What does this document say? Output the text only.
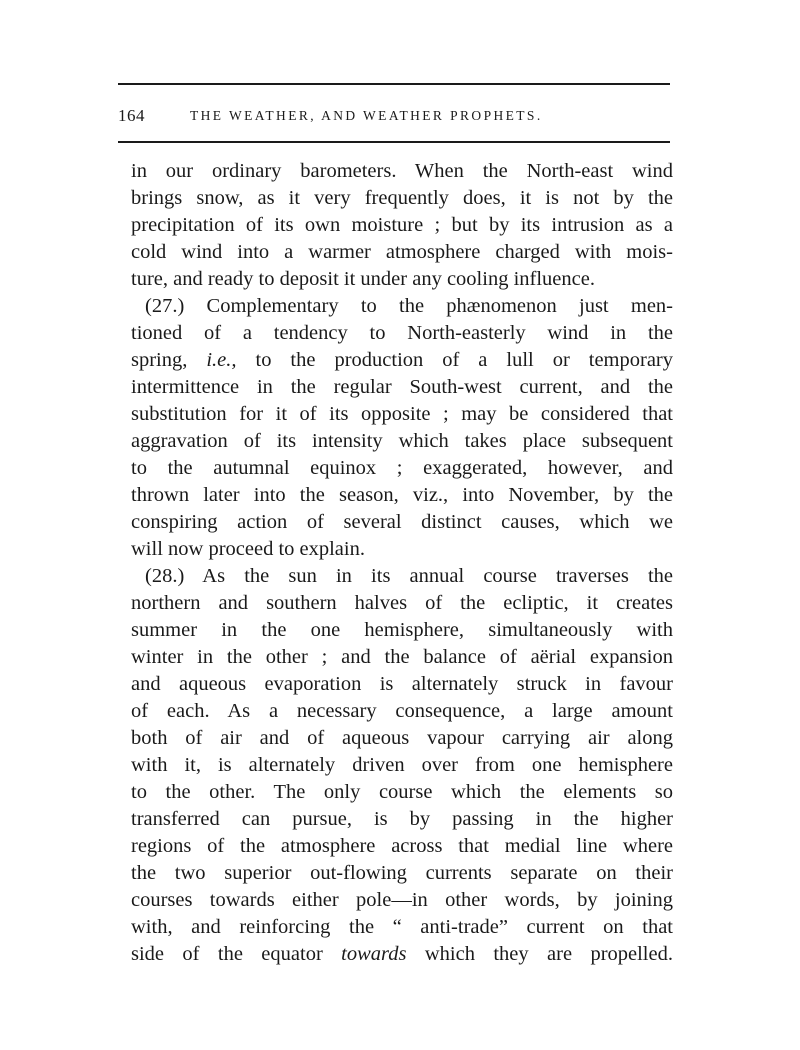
164	THE WEATHER, AND WEATHER PROPHETS.
in our ordinary barometers. When the North-east wind
brings snow, as it very frequently does, it is not by the
precipitation of its own moisture ; but by its intrusion as a
cold wind into a warmer atmosphere charged with mois-
ture, and ready to deposit it under any cooling influence.
(27.) Complementary to the phænomenon just men-
tioned of a tendency to North-easterly wind in the
spring, i.e., to the production of a lull or temporary
intermittence in the regular South-west current, and the
substitution for it of its opposite ; may be considered that
aggravation of its intensity which takes place subsequent
to the autumnal equinox ; exaggerated, however, and
thrown later into the season, viz., into November, by the
conspiring action of several distinct causes, which we
will now proceed to explain.
(28.) As the sun in its annual course traverses the
northern and southern halves of the ecliptic, it creates
summer in the one hemisphere, simultaneously with
winter in the other ; and the balance of aërial expansion
and aqueous evaporation is alternately struck in favour
of each. As a necessary consequence, a large amount
both of air and of aqueous vapour carrying air along
with it, is alternately driven over from one hemisphere
to the other. The only course which the elements so
transferred can pursue, is by passing in the higher
regions of the atmosphere across that medial line where
the two superior out-flowing currents separate on their
courses towards either pole—in other words, by joining
with, and reinforcing the “ anti-trade” current on that
side of the equator towards which they are propelled.
